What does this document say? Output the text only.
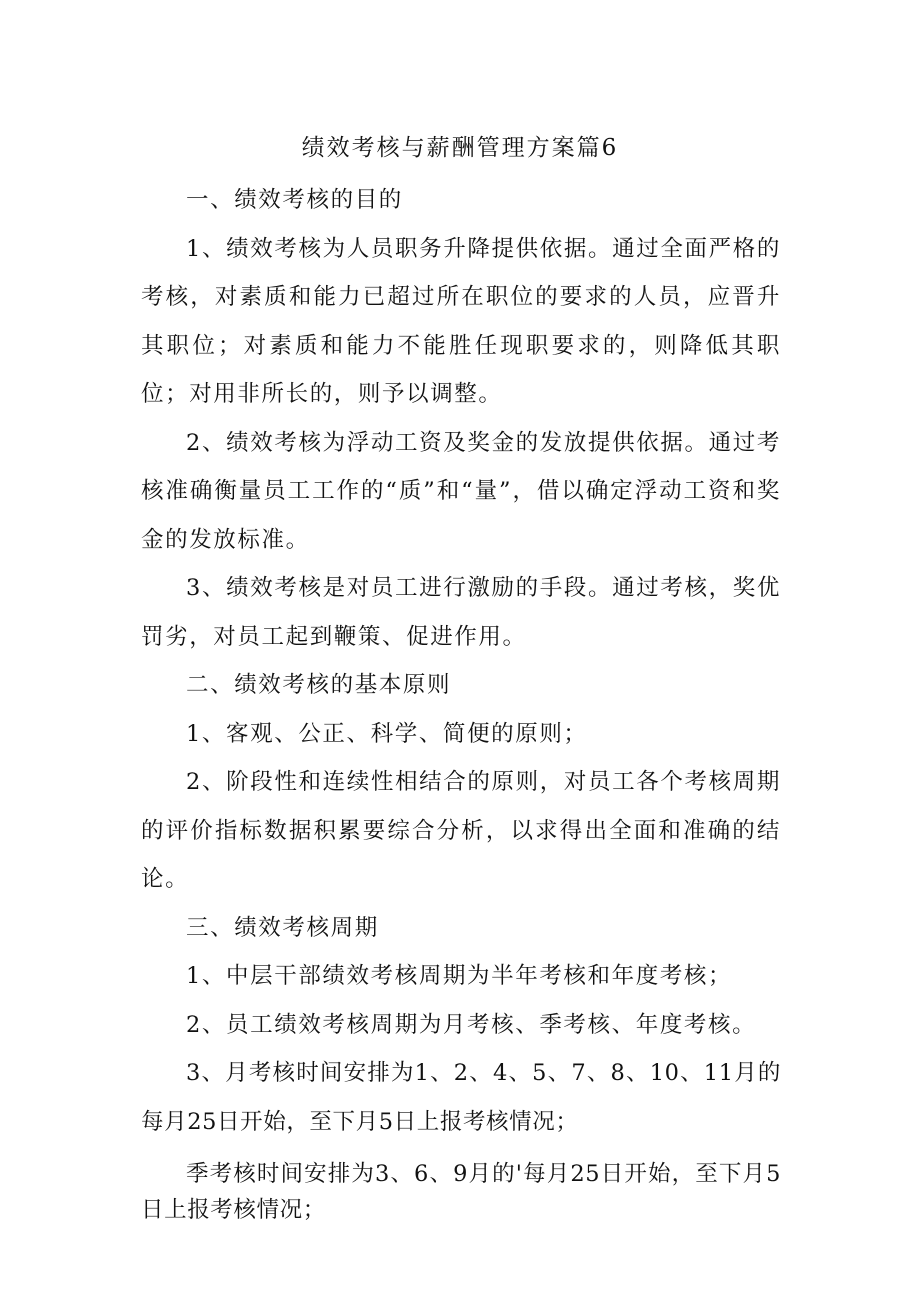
绩效考核与薪酬管理方案篇6

一、绩效考核的目的

1、绩效考核为人员职务升降提供依据。通过全面严格的考核，对素质和能力已超过所在职位的要求的人员，应晋升其职位；对素质和能力不能胜任现职要求的，则降低其职位；对用非所长的，则予以调整。

2、绩效考核为浮动工资及奖金的发放提供依据。通过考核准确衡量员工工作的“质”和“量”，借以确定浮动工资和奖金的发放标准。

3、绩效考核是对员工进行激励的手段。通过考核，奖优罚劣，对员工起到鞭策、促进作用。

二、绩效考核的基本原则

1、客观、公正、科学、简便的原则；

2、阶段性和连续性相结合的原则，对员工各个考核周期的评价指标数据积累要综合分析，以求得出全面和准确的结论。

三、绩效考核周期

1、中层干部绩效考核周期为半年考核和年度考核；

2、员工绩效考核周期为月考核、季考核、年度考核。

3、月考核时间安排为1、2、4、5、7、8、10、11月的每月25日开始，至下月5日上报考核情况；

季考核时间安排为3、6、9月的'每月25日开始，至下月5日上报考核情况；
